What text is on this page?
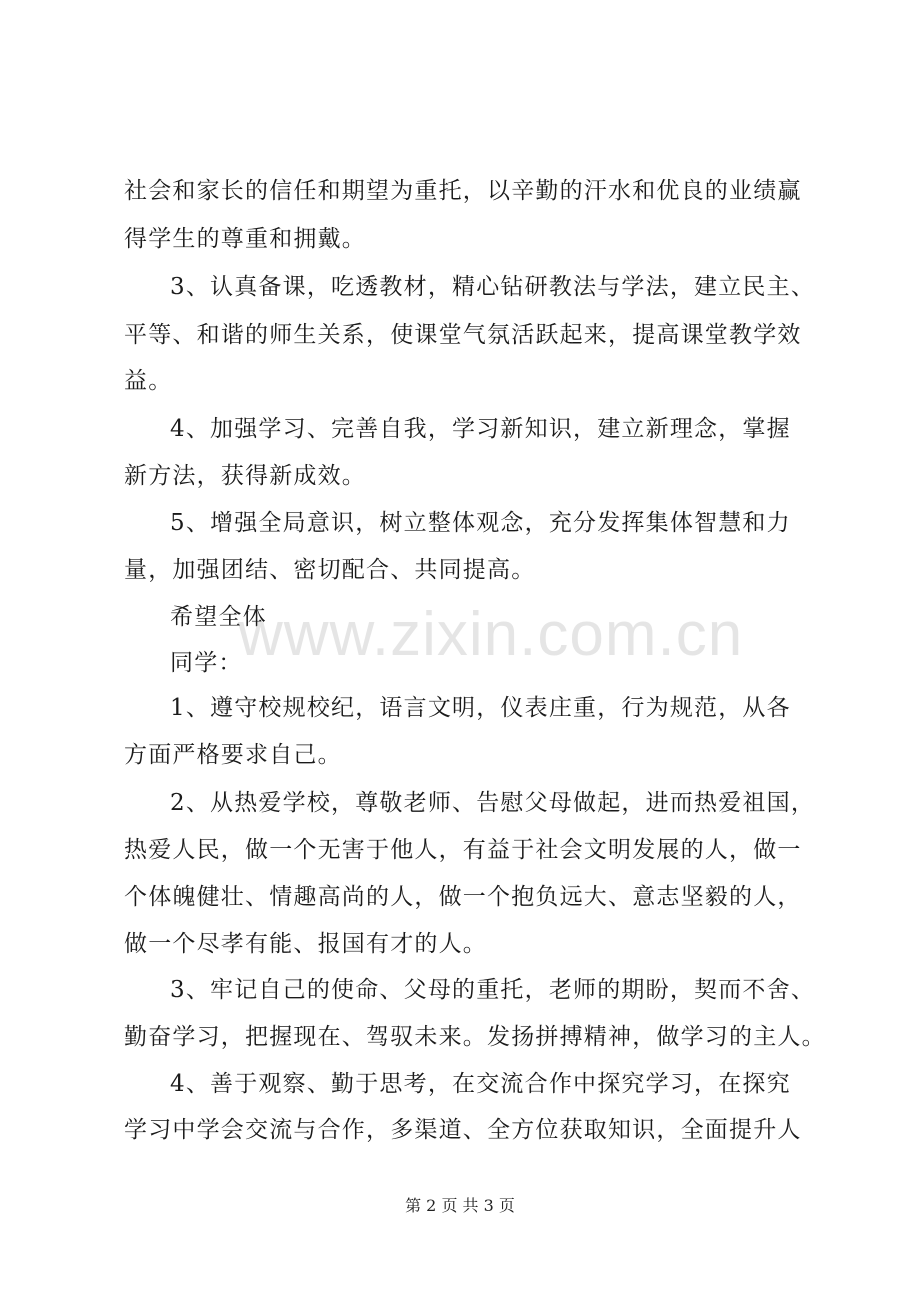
社会和家长的信任和期望为重托，以辛勤的汗水和优良的业绩赢
得学生的尊重和拥戴。
3、认真备课，吃透教材，精心钻研教法与学法，建立民主、
平等、和谐的师生关系，使课堂气氛活跃起来，提高课堂教学效
益。
4、加强学习、完善自我，学习新知识，建立新理念，掌握
新方法，获得新成效。
5、增强全局意识，树立整体观念，充分发挥集体智慧和力
量，加强团结、密切配合、共同提高。
希望全体
同学：
1、遵守校规校纪，语言文明，仪表庄重，行为规范，从各
方面严格要求自己。
2、从热爱学校，尊敬老师、告慰父母做起，进而热爱祖国，
热爱人民，做一个无害于他人，有益于社会文明发展的人，做一
个体魄健壮、情趣高尚的人，做一个抱负远大、意志坚毅的人，
做一个尽孝有能、报国有才的人。
3、牢记自己的使命、父母的重托，老师的期盼，契而不舍、
勤奋学习，把握现在、驾驭未来。发扬拼搏精神，做学习的主人。
4、善于观察、勤于思考，在交流合作中探究学习，在探究
学习中学会交流与合作，多渠道、全方位获取知识，全面提升人
www.zixin.com.cn
第 2 页 共 3 页
